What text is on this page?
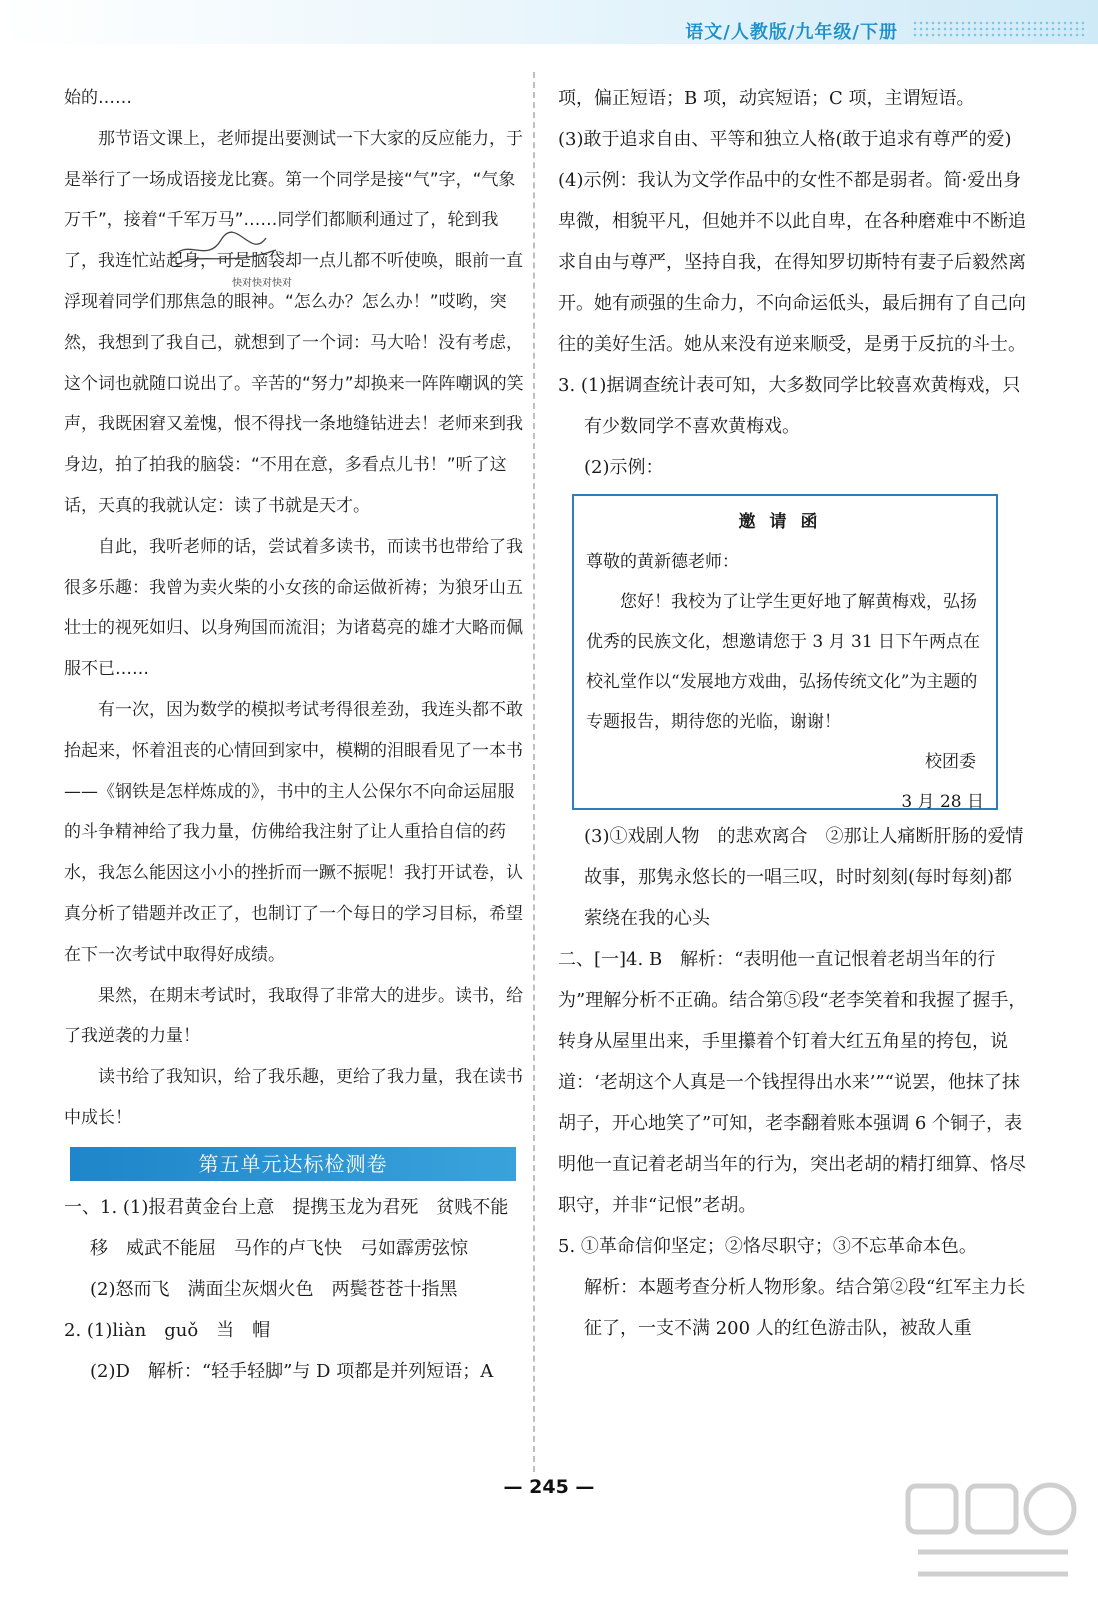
语文/人教版/九年级/下册

始的……

那节语文课上，老师提出要测试一下大家的反应能力，于是举行了一场成语接龙比赛。第一个同学是接“气”字，“气象万千”，接着“千军万马”……同学们都顺利通过了，轮到我了，我连忙站起身，可是脑袋却一点儿都不听使唤，眼前一直浮现着同学们那焦急的眼神。“怎么办？怎么办！”哎哟，突然，我想到了我自己，就想到了一个词：马大哈！没有考虑，这个词也就随口说出了。辛苦的“努力”却换来一阵阵嘲讽的笑声，我既困窘又羞愧，恨不得找一条地缝钻进去！老师来到我身边，拍了拍我的脑袋：“不用在意，多看点儿书！”听了这话，天真的我就认定：读了书就是天才。

自此，我听老师的话，尝试着多读书，而读书也带给了我很多乐趣：我曾为卖火柴的小女孩的命运做祈祷；为狼牙山五壮士的视死如归、以身殉国而流泪；为诸葛亮的雄才大略而佩服不已……

有一次，因为数学的模拟考试考得很差劲，我连头都不敢抬起来，怀着沮丧的心情回到家中，模糊的泪眼看见了一本书——《钢铁是怎样炼成的》，书中的主人公保尔不向命运屈服的斗争精神给了我力量，仿佛给我注射了让人重拾自信的药水，我怎么能因这小小的挫折而一蹶不振呢！我打开试卷，认真分析了错题并改正了，也制订了一个每日的学习目标，希望在下一次考试中取得好成绩。

果然，在期末考试时，我取得了非常大的进步。读书，给了我逆袭的力量！

读书给了我知识，给了我乐趣，更给了我力量，我在读书中成长！

第五单元达标检测卷

一、1. (1)报君黄金台上意　提携玉龙为君死　贫贱不能移　威武不能屈　马作的卢飞快　弓如霹雳弦惊

(2)怒而飞　满面尘灰烟火色　两鬓苍苍十指黑

2. (1)liàn　guǒ　当　帽

(2)D　解析：“轻手轻脚”与 D 项都是并列短语；A

快对快对快对

项，偏正短语；B 项，动宾短语；C 项，主谓短语。

(3)敢于追求自由、平等和独立人格(敢于追求有尊严的爱)

(4)示例：我认为文学作品中的女性不都是弱者。简·爱出身卑微，相貌平凡，但她并不以此自卑，在各种磨难中不断追求自由与尊严，坚持自我，在得知罗切斯特有妻子后毅然离开。她有顽强的生命力，不向命运低头，最后拥有了自己向往的美好生活。她从来没有逆来顺受，是勇于反抗的斗士。

3. (1)据调查统计表可知，大多数同学比较喜欢黄梅戏，只有少数同学不喜欢黄梅戏。

(2)示例：

邀请函

尊敬的黄新德老师：

您好！我校为了让学生更好地了解黄梅戏，弘扬优秀的民族文化，想邀请您于 3 月 31 日下午两点在校礼堂作以“发展地方戏曲，弘扬传统文化”为主题的专题报告，期待您的光临，谢谢！

校团委

3 月 28 日

(3)①戏剧人物　的悲欢离合　②那让人痛断肝肠的爱情故事，那隽永悠长的一唱三叹，时时刻刻(每时每刻)都萦绕在我的心头

二、[一]4. B　解析：“表明他一直记恨着老胡当年的行为”理解分析不正确。结合第⑤段“老李笑着和我握了握手，转身从屋里出来，手里攥着个钉着大红五角星的挎包，说道：‘老胡这个人真是一个钱捏得出水来’”“说罢，他抹了抹胡子，开心地笑了”可知，老李翻着账本强调 6 个铜子，表明他一直记着老胡当年的行为，突出老胡的精打细算、恪尽职守，并非“记恨”老胡。

5. ①革命信仰坚定；②恪尽职守；③不忘革命本色。

解析：本题考查分析人物形象。结合第②段“红军主力长征了，一支不满 200 人的红色游击队，被敌人重

— 245 —
